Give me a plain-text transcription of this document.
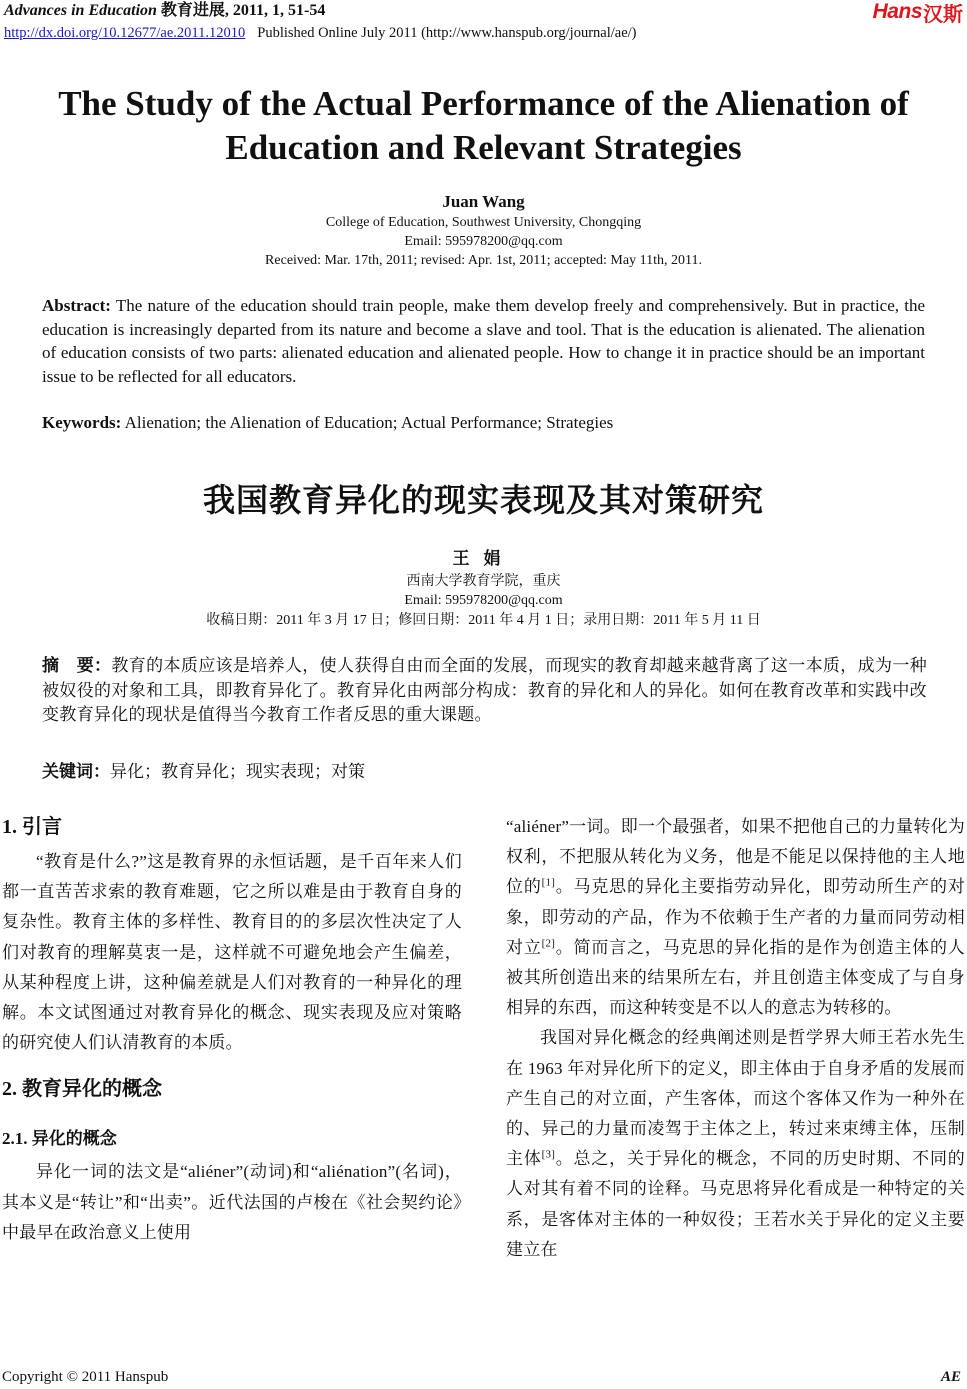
Advances in Education 教育进展, 2011, 1, 51-54	Hans 汉斯
http://dx.doi.org/10.12677/ae.2011.12010 Published Online July 2011 (http://www.hanspub.org/journal/ae/)
The Study of the Actual Performance of the Alienation of
Education and Relevant Strategies
Juan Wang
College of Education, Southwest University, Chongqing
Email: 595978200@qq.com
Received: Mar. 17th, 2011; revised: Apr. 1st, 2011; accepted: May 11th, 2011.
Abstract: The nature of the education should train people, make them develop freely and comprehensively. But in practice, the education is increasingly departed from its nature and become a slave and tool. That is the education is alienated. The alienation of education consists of two parts: alienated education and alienated people. How to change it in practice should be an important issue to be reflected for all educators.
Keywords: Alienation; the Alienation of Education; Actual Performance; Strategies
我国教育异化的现实表现及其对策研究
王娟
西南大学教育学院，重庆
Email: 595978200@qq.com
收稿日期：2011 年 3 月 17 日；修回日期：2011 年 4 月 1 日；录用日期：2011 年 5 月 11 日
摘　要：教育的本质应该是培养人，使人获得自由而全面的发展，而现实的教育却越来越背离了这一本质，成为一种被奴役的对象和工具，即教育异化了。教育异化由两部分构成：教育的异化和人的异化。如何在教育改革和实践中改变教育异化的现状是值得当今教育工作者反思的重大课题。
关键词：异化；教育异化；现实表现；对策
1. 引言

“教育是什么?”这是教育界的永恒话题，是千百年来人们都一直苦苦求索的教育难题，它之所以难是由于教育自身的复杂性。教育主体的多样性、教育目的的多层次性决定了人们对教育的理解莫衷一是，这样就不可避免地会产生偏差，从某种程度上讲，这种偏差就是人们对教育的一种异化的理解。本文试图通过对教育异化的概念、现实表现及应对策略的研究使人们认清教育的本质。

2. 教育异化的概念
2.1. 异化的概念

异化一词的法文是“aliéner”(动词)和“aliénation”(名词)，其本义是“转让”和“出卖”。近代法国的卢梭在《社会契约论》中最早在政治意义上使用

“aliéner”一词。即一个最强者，如果不把他自己的力量转化为权利，不把服从转化为义务，他是不能足以保持他的主人地位的[1]。马克思的异化主要指劳动异化，即劳动所生产的对象，即劳动的产品，作为不依赖于生产者的力量而同劳动相对立[2]。简而言之，马克思的异化指的是作为创造主体的人被其所创造出来的结果所左右，并且创造主体变成了与自身相异的东西，而这种转变是不以人的意志为转移的。

我国对异化概念的经典阐述则是哲学界大师王若水先生在 1963 年对异化所下的定义，即主体由于自身矛盾的发展而产生自己的对立面，产生客体，而这个客体又作为一种外在的、异己的力量而凌驾于主体之上，转过来束缚主体，压制主体[3]。总之，关于异化的概念，不同的历史时期、不同的人对其有着不同的诠释。马克思将异化看成是一种特定的关系，是客体对主体的一种奴役；王若水关于异化的定义主要建立在

Copyright © 2011 Hanspub	AE
